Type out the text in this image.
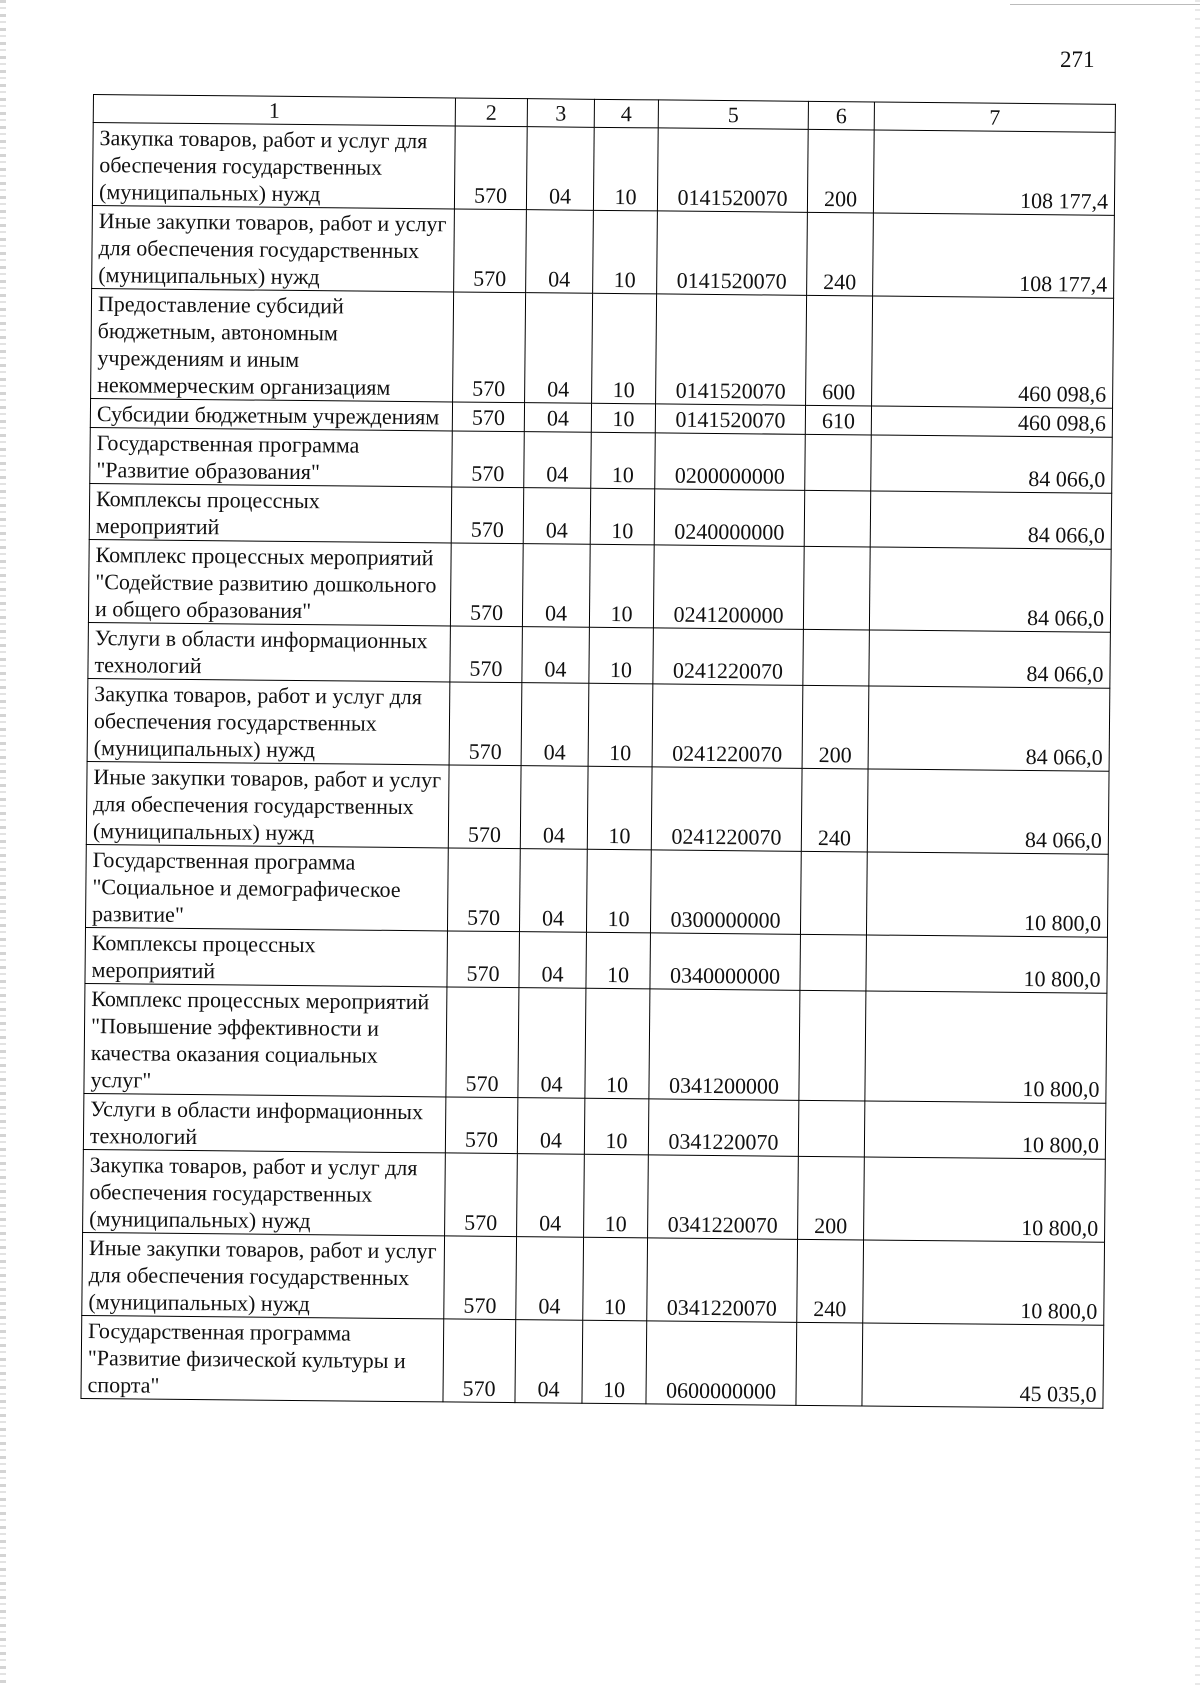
271
1	2	3	4	5	6	7
Закупка товаров, работ и услуг для обеспечения государственных (муниципальных) нужд	570	04	10	0141520070	200	108 177,4
Иные закупки товаров, работ и услуг для обеспечения государственных (муниципальных) нужд	570	04	10	0141520070	240	108 177,4
Предоставление субсидий бюджетным, автономным учреждениям и иным некоммерческим организациям	570	04	10	0141520070	600	460 098,6
Субсидии бюджетным учреждениям	570	04	10	0141520070	610	460 098,6
Государственная программа "Развитие образования"	570	04	10	0200000000		84 066,0
Комплексы процессных мероприятий	570	04	10	0240000000		84 066,0
Комплекс процессных мероприятий "Содействие развитию дошкольного и общего образования"	570	04	10	0241200000		84 066,0
Услуги в области информационных технологий	570	04	10	0241220070		84 066,0
Закупка товаров, работ и услуг для обеспечения государственных (муниципальных) нужд	570	04	10	0241220070	200	84 066,0
Иные закупки товаров, работ и услуг для обеспечения государственных (муниципальных) нужд	570	04	10	0241220070	240	84 066,0
Государственная программа "Социальное и демографическое развитие"	570	04	10	0300000000		10 800,0
Комплексы процессных мероприятий	570	04	10	0340000000		10 800,0
Комплекс процессных мероприятий "Повышение эффективности и качества оказания социальных услуг"	570	04	10	0341200000		10 800,0
Услуги в области информационных технологий	570	04	10	0341220070		10 800,0
Закупка товаров, работ и услуг для обеспечения государственных (муниципальных) нужд	570	04	10	0341220070	200	10 800,0
Иные закупки товаров, работ и услуг для обеспечения государственных (муниципальных) нужд	570	04	10	0341220070	240	10 800,0
Государственная программа "Развитие физической культуры и спорта"	570	04	10	0600000000		45 035,0
